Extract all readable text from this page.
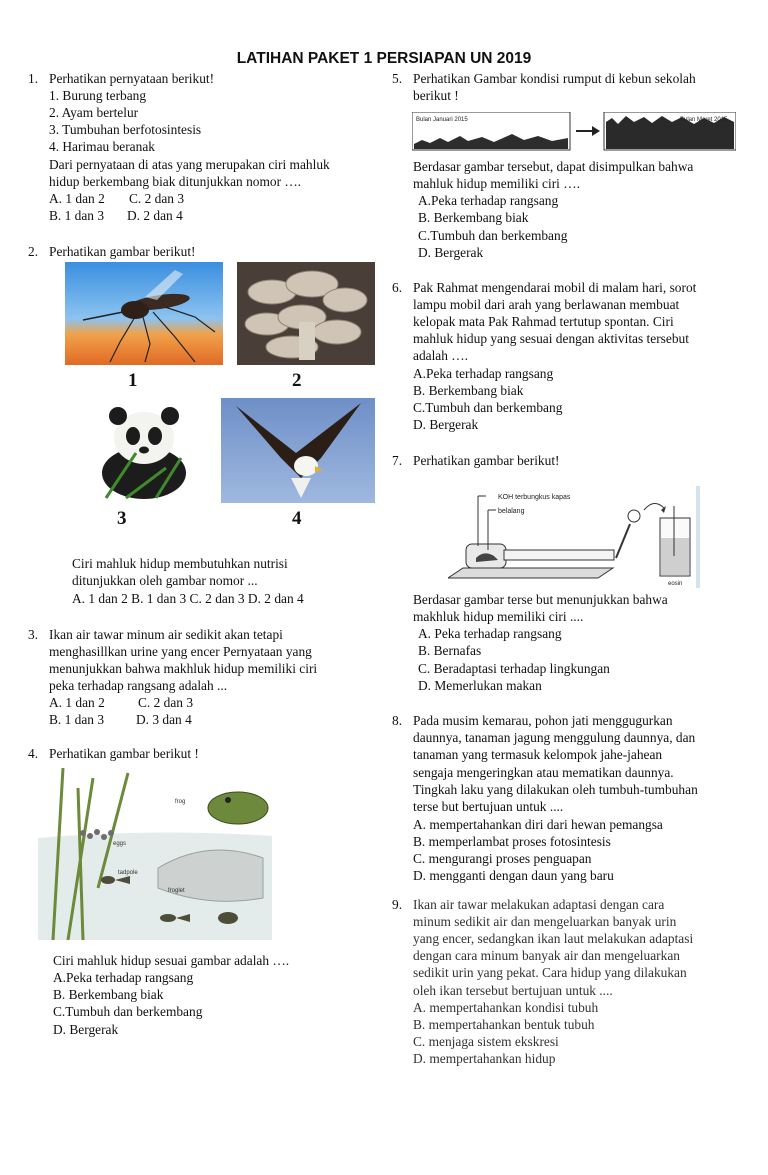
LATIHAN PAKET 1 PERSIAPAN UN 2019
1. Perhatikan pernyataan berikut!
1. Burung terbang
2. Ayam bertelur
3. Tumbuhan berfotosintesis
4. Harimau beranak
Dari pernyataan di atas yang merupakan ciri mahluk
hidup berkembang biak ditunjukkan nomor ….
A. 1 dan 2 C. 2 dan 3
B. 1 dan 3 D. 2 dan 4
2. Perhatikan gambar berikut!
1	2
3	4
Ciri mahluk hidup membutuhkan nutrisi
ditunjukkan oleh gambar nomor ...
A. 1 dan 2 B. 1 dan 3 C. 2 dan 3 D. 2 dan 4
3. Ikan air tawar minum air sedikit akan tetapi
menghasillkan urine yang encer Pernyataan yang
menunjukkan bahwa makhluk hidup memiliki ciri
peka terhadap rangsang adalah ...
A. 1 dan 2 C. 2 dan 3
B. 1 dan 3 D. 3 dan 4
4. Perhatikan gambar berikut !
frog
eggs
tadpole
froglet
Ciri mahluk hidup sesuai gambar adalah ….
A.Peka terhadap rangsang
B. Berkembang biak
C.Tumbuh dan berkembang
D. Bergerak
5. Perhatikan Gambar kondisi rumput di kebun sekolah
berikut !
Bulan Januari 2015	Bulan Maret 2015
Berdasar gambar tersebut, dapat disimpulkan bahwa
mahluk hidup memiliki ciri ….
A.Peka terhadap rangsang
B. Berkembang biak
C.Tumbuh dan berkembang
D. Bergerak
6. Pak Rahmat mengendarai mobil di malam hari, sorot
lampu mobil dari arah yang berlawanan membuat
kelopak mata Pak Rahmad tertutup spontan. Ciri
mahluk hidup yang sesuai dengan aktivitas tersebut
adalah ….
A.Peka terhadap rangsang
B. Berkembang biak
C.Tumbuh dan berkembang
D. Bergerak
7. Perhatikan gambar berikut!
KOH terbungkus kapas
belalang
eosin
Berdasar gambar terse but menunjukkan bahwa
makhluk hidup memiliki ciri ....
A. Peka terhadap rangsang
B. Bernafas
C. Beradaptasi terhadap lingkungan
D. Memerlukan makan
8. Pada musim kemarau, pohon jati menggugurkan
daunnya, tanaman jagung menggulung daunnya, dan
tanaman yang termasuk kelompok jahe-jahean
sengaja mengeringkan atau mematikan daunnya.
Tingkah laku yang dilakukan oleh tumbuh-tumbuhan
terse but bertujuan untuk ....
A. mempertahankan diri dari hewan pemangsa
B. memperlambat proses fotosintesis
C. mengurangi proses penguapan
D. mengganti dengan daun yang baru
9. Ikan air tawar melakukan adaptasi dengan cara
minum sedikit air dan mengeluarkan banyak urin
yang encer, sedangkan ikan laut melakukan adaptasi
dengan cara minum banyak air dan mengeluarkan
sedikit urin yang pekat. Cara hidup yang dilakukan
oleh ikan tersebut bertujuan untuk ....
A. mempertahankan kondisi tubuh
B. mempertahankan bentuk tubuh
C. menjaga sistem ekskresi
D. mempertahankan hidup
